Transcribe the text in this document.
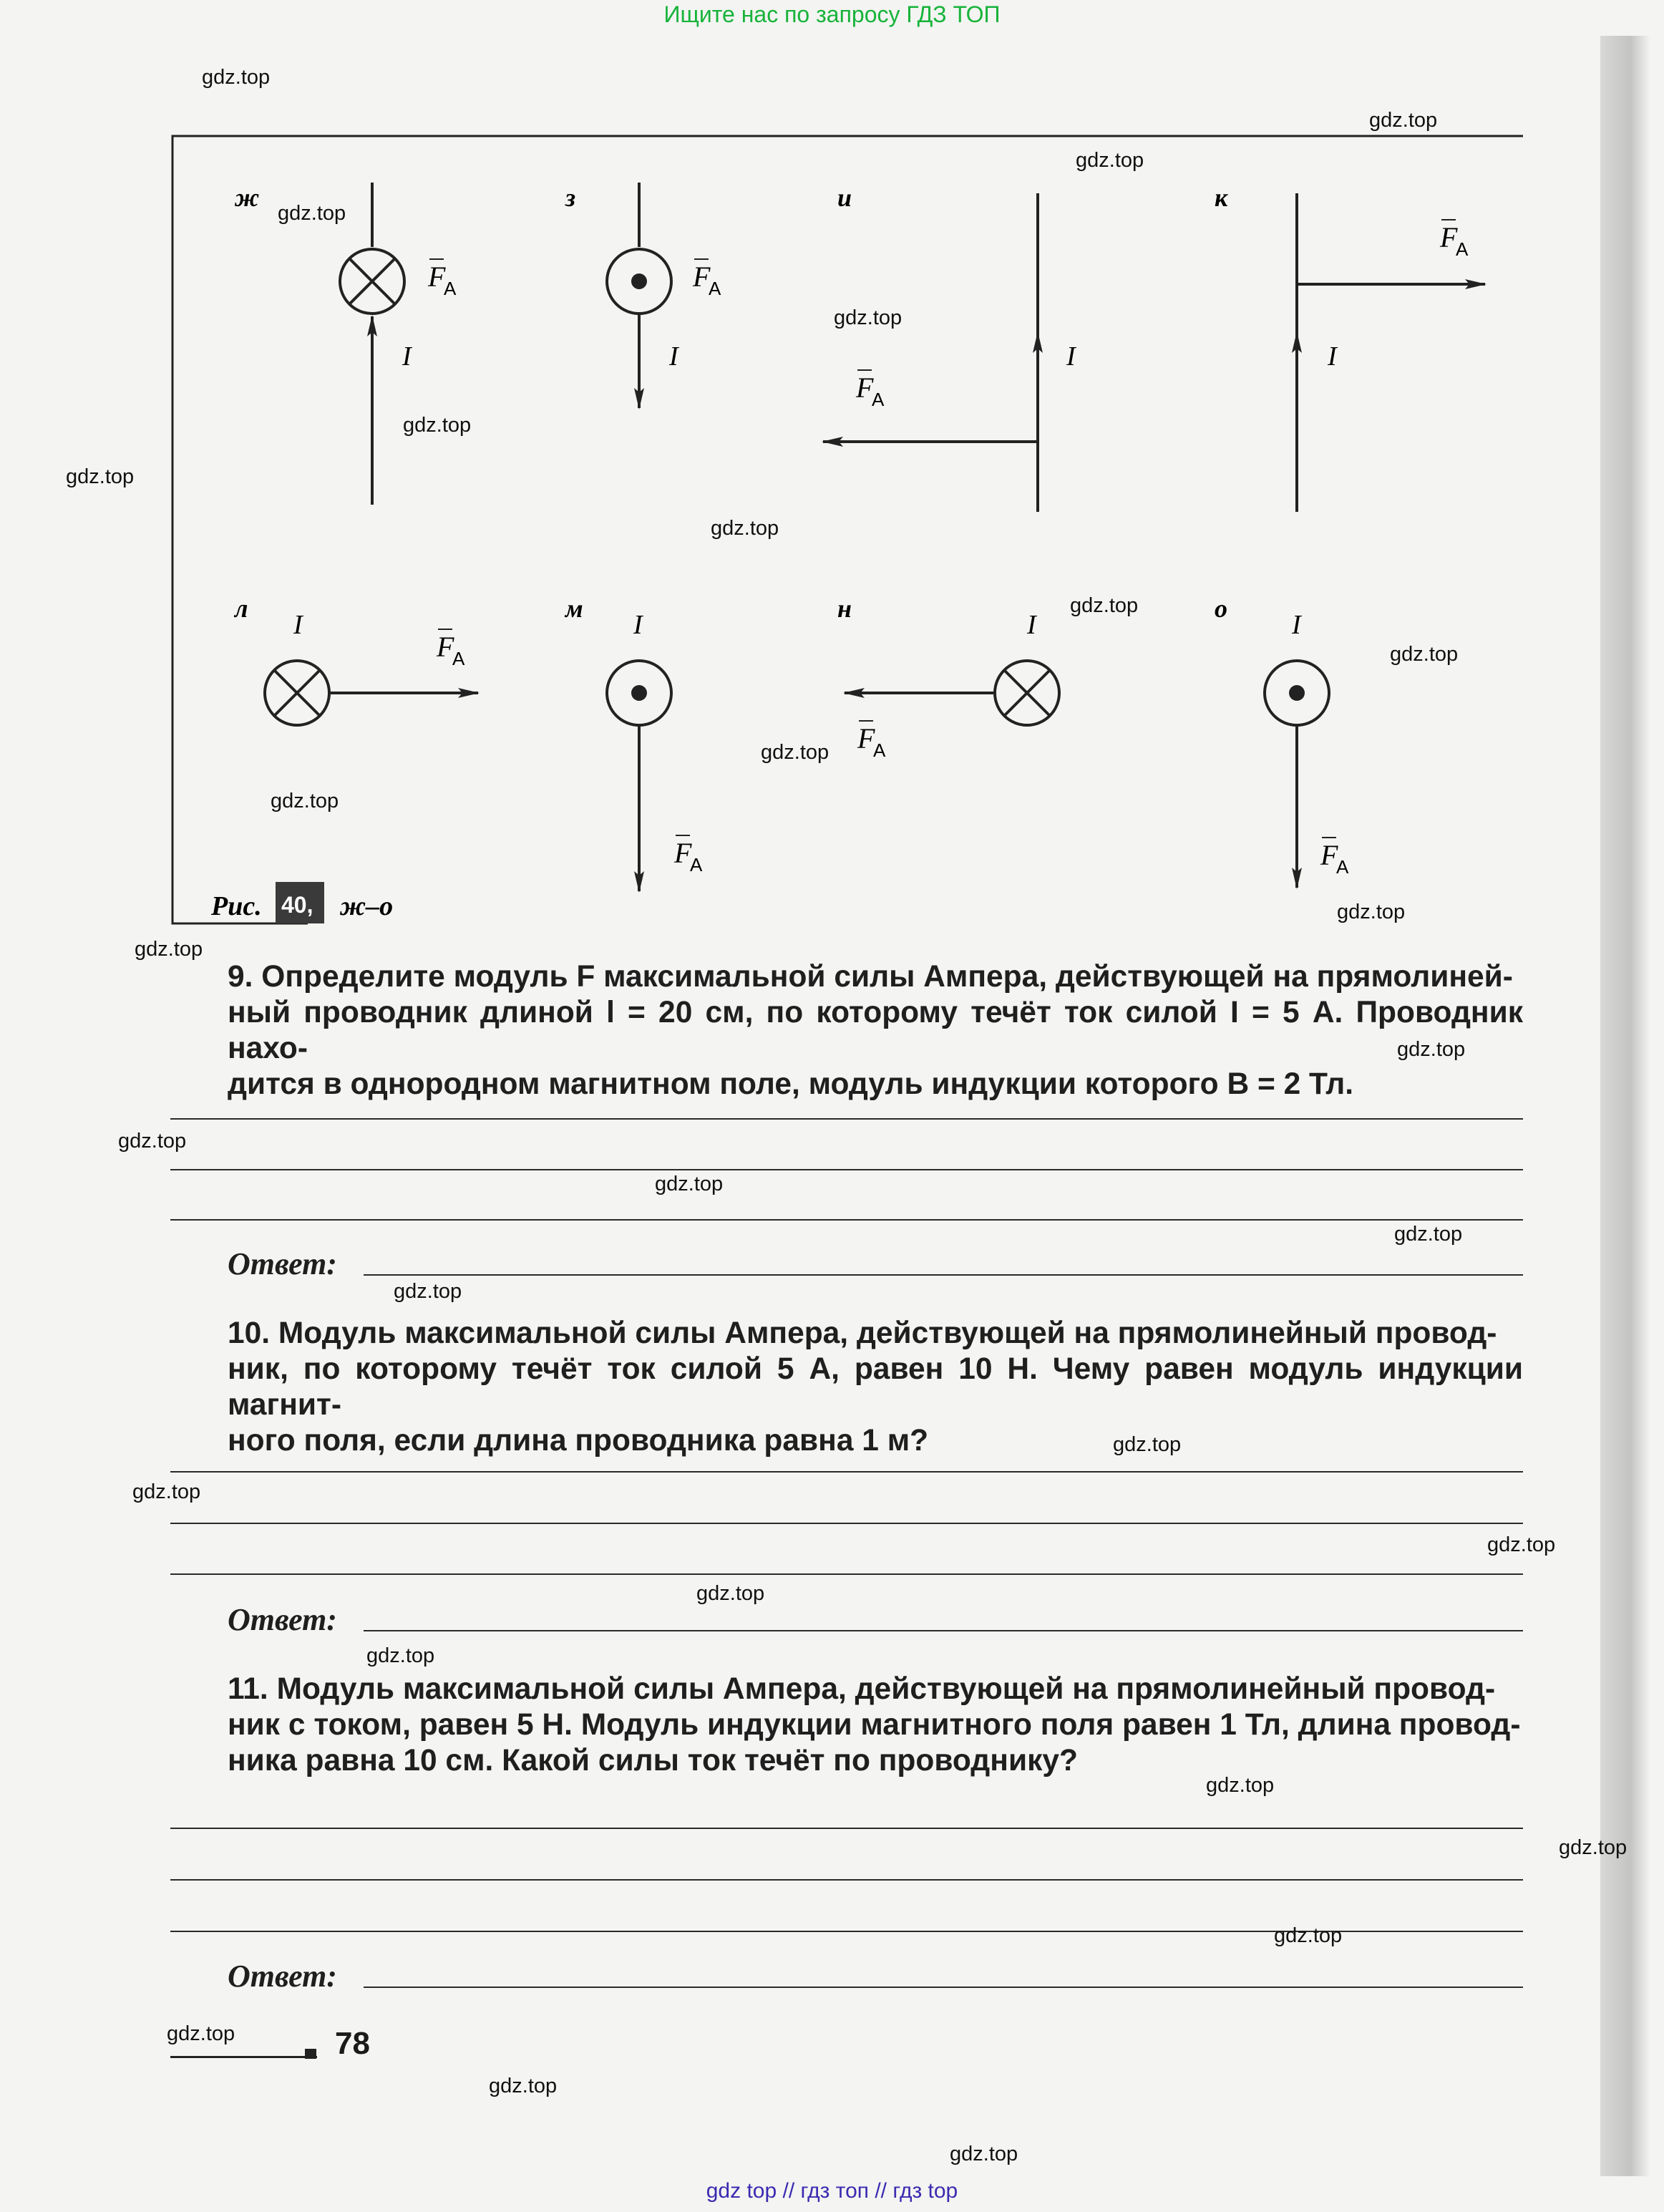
Ищите нас по запросу ГДЗ ТОП
ж
I
F
A
з
I
F
A
и
I
F
A
к
I
F
A
л
I
F
A
м
I
F
A
н
I
F
A
о
I
F
A
Рис. 40, ж–о
9. Определите модуль F максимальной силы Ампера, действующей на прямолиней-
ный проводник длиной l = 20 см, по которому течёт ток силой I = 5 А. Проводник нахо-
дится в однородном магнитном поле, модуль индукции которого B = 2 Тл.
Ответ:
10. Модуль максимальной силы Ампера, действующей на прямолинейный провод-
ник, по которому течёт ток силой 5 А, равен 10 Н. Чему равен модуль индукции магнит-
ного поля, если длина проводника равна 1 м?
Ответ:
11. Модуль максимальной силы Ампера, действующей на прямолинейный провод-
ник с током, равен 5 Н. Модуль индукции магнитного поля равен 1 Тл, длина провод-
ника равна 10 см. Какой силы ток течёт по проводнику?
Ответ:
78
gdz.top
gdz.top
gdz.top
gdz.top
gdz.top
gdz.top
gdz.top
gdz.top
gdz.top
gdz.top
gdz.top
gdz.top
gdz.top
gdz.top
gdz.top
gdz.top
gdz.top
gdz.top
gdz.top
gdz.top
gdz.top
gdz.top
gdz.top
gdz.top
gdz.top
gdz.top
gdz.top
gdz.top
gdz.top
gdz.top
gdz top // гдз топ // гдз top
